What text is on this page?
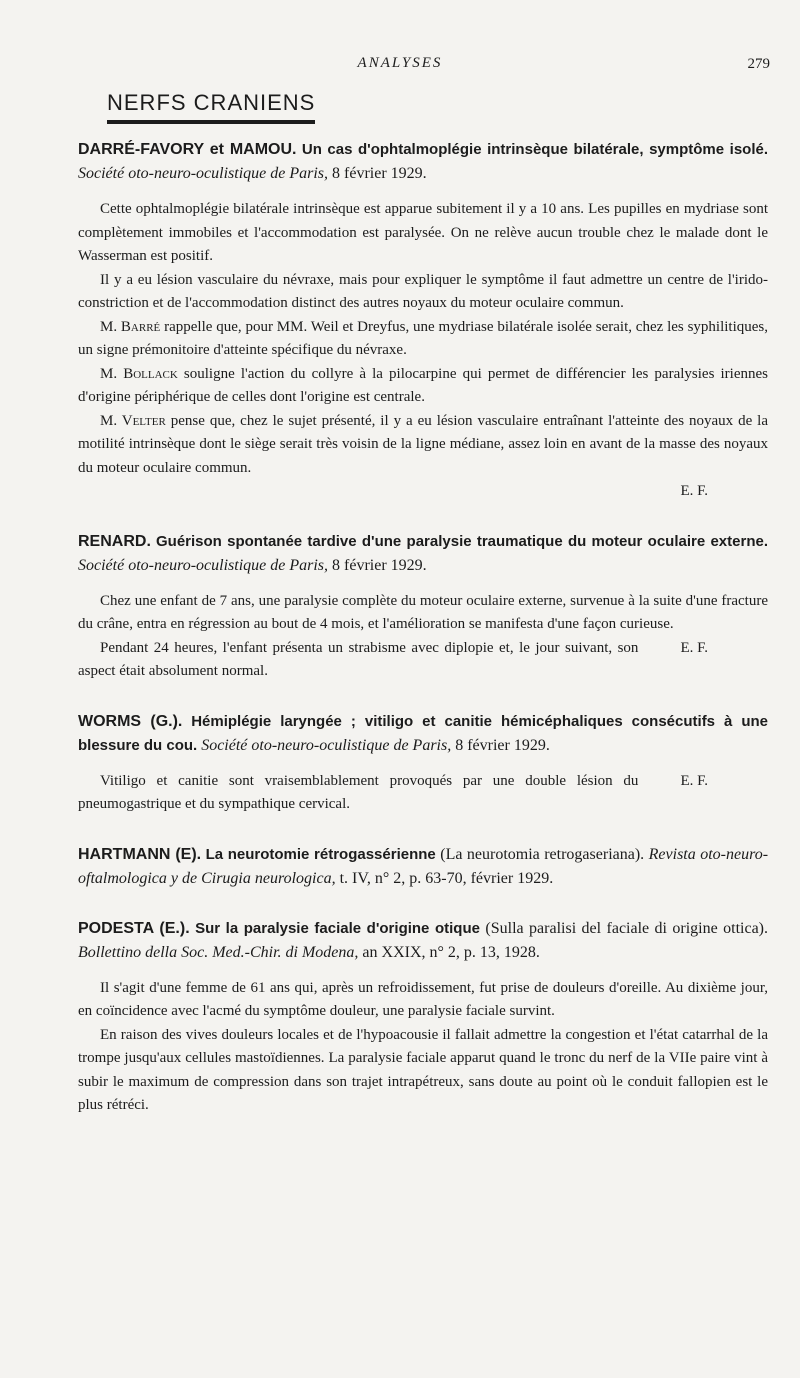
ANALYSES	279
NERFS CRANIENS
DARRÉ-FAVORY et MAMOU. Un cas d'ophtalmoplégie intrinsèque bilatérale, symptôme isolé. Société oto-neuro-oculistique de Paris, 8 février 1929.

Cette ophtalmoplégie bilatérale intrinsèque est apparue subitement il y a 10 ans. Les pupilles en mydriase sont complètement immobiles et l'accommodation est paralysée. On ne relève aucun trouble chez le malade dont le Wasserman est positif.

Il y a eu lésion vasculaire du névraxe, mais pour expliquer le symptôme il faut admettre un centre de l'irido-constriction et de l'accommodation distinct des autres noyaux du moteur oculaire commun.

M. Barré rappelle que, pour MM. Weil et Dreyfus, une mydriase bilatérale isolée serait, chez les syphilitiques, un signe prémonitoire d'atteinte spécifique du névraxe.

M. Bollack souligne l'action du collyre à la pilocarpine qui permet de différencier les paralysies iriennes d'origine périphérique de celles dont l'origine est centrale.

M. Velter pense que, chez le sujet présenté, il y a eu lésion vasculaire entraînant l'atteinte des noyaux de la motilité intrinsèque dont le siège serait très voisin de la ligne médiane, assez loin en avant de la masse des noyaux du moteur oculaire commun.

E. F.

RENARD. Guérison spontanée tardive d'une paralysie traumatique du moteur oculaire externe. Société oto-neuro-oculistique de Paris, 8 février 1929.

Chez une enfant de 7 ans, une paralysie complète du moteur oculaire externe, survenue à la suite d'une fracture du crâne, entra en régression au bout de 4 mois, et l'amélioration se manifesta d'une façon curieuse.

Pendant 24 heures, l'enfant présenta un strabisme avec diplopie et, le jour suivant, son aspect était absolument normal.
E. F.

WORMS (G.). Hémiplégie laryngée ; vitiligo et canitie hémicéphaliques consécutifs à une blessure du cou. Société oto-neuro-oculistique de Paris, 8 février 1929.

Vitiligo et canitie sont vraisemblablement provoqués par une double lésion du pneumogastrique et du sympathique cervical.
E. F.

HARTMANN (E). La neurotomie rétrogassérienne (La neurotomia retrogaseriana). Revista oto-neuro-oftalmologica y de Cirugia neurologica, t. IV, n° 2, p. 63-70, février 1929.
PODESTA (E.). Sur la paralysie faciale d'origine otique (Sulla paralisi del faciale di origine ottica). Bollettino della Soc. Med.-Chir. di Modena, an XXIX, n° 2, p. 13, 1928.

Il s'agit d'une femme de 61 ans qui, après un refroidissement, fut prise de douleurs d'oreille. Au dixième jour, en coïncidence avec l'acmé du symptôme douleur, une paralysie faciale survint.

En raison des vives douleurs locales et de l'hypoacousie il fallait admettre la congestion et l'état catarrhal de la trompe jusqu'aux cellules mastoïdiennes. La paralysie faciale apparut quand le tronc du nerf de la VIIe paire vint à subir le maximum de compression dans son trajet intrapétreux, sans doute au point où le conduit fallopien est le plus rétréci.
